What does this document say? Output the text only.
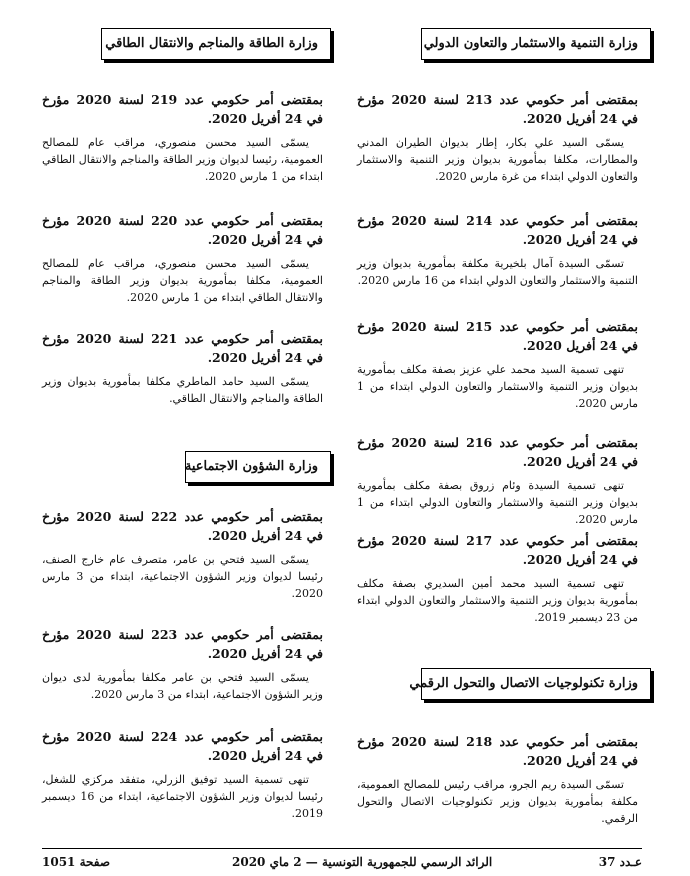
وزارة التنمية والاستثمار والتعاون الدولي
بمقتضى أمر حكومي عدد 213 لسنة 2020 مؤرخ في 24 أفريل 2020.
يسمّى السيد علي بكار، إطار بديوان الطيران المدني والمطارات، مكلفا بمأمورية بديوان وزير التنمية والاستثمار والتعاون الدولي ابتداء من غرة مارس 2020.
بمقتضى أمر حكومي عدد 214 لسنة 2020 مؤرخ في 24 أفريل 2020.
تسمّى السيدة آمال بلخيرية مكلفة بمأمورية بديوان وزير التنمية والاستثمار والتعاون الدولي ابتداء من 16 مارس 2020.
بمقتضى أمر حكومي عدد 215 لسنة 2020 مؤرخ في 24 أفريل 2020.
تنهى تسمية السيد محمد علي عزيز بصفة مكلف بمأمورية بديوان وزير التنمية والاستثمار والتعاون الدولي ابتداء من 1 مارس 2020.
بمقتضى أمر حكومي عدد 216 لسنة 2020 مؤرخ في 24 أفريل 2020.
تنهى تسمية السيدة وئام زروق بصفة مكلف بمأمورية بديوان وزير التنمية والاستثمار والتعاون الدولي ابتداء من 1 مارس 2020.
بمقتضى أمر حكومي عدد 217 لسنة 2020 مؤرخ في 24 أفريل 2020.
تنهى تسمية السيد محمد أمين السديري بصفة مكلف بمأمورية بديوان وزير التنمية والاستثمار والتعاون الدولي ابتداء من 23 ديسمبر 2019.
وزارة تكنولوجيات الاتصال والتحول الرقمي
بمقتضى أمر حكومي عدد 218 لسنة 2020 مؤرخ في 24 أفريل 2020.
تسمّى السيدة ريم الجرو، مراقب رئيس للمصالح العمومية، مكلفة بمأمورية بديوان وزير تكنولوجيات الاتصال والتحول الرقمي.
وزارة الطاقة والمناجم والانتقال الطاقي
بمقتضى أمر حكومي عدد 219 لسنة 2020 مؤرخ في 24 أفريل 2020.
يسمّى السيد محسن منصوري، مراقب عام للمصالح العمومية، رئيسا لديوان وزير الطاقة والمناجم والانتقال الطاقي ابتداء من 1 مارس 2020.
بمقتضى أمر حكومي عدد 220 لسنة 2020 مؤرخ في 24 أفريل 2020.
يسمّى السيد محسن منصوري، مراقب عام للمصالح العمومية، مكلفا بمأمورية بديوان وزير الطاقة والمناجم والانتقال الطاقي ابتداء من 1 مارس 2020.
بمقتضى أمر حكومي عدد 221 لسنة 2020 مؤرخ في 24 أفريل 2020.
يسمّى السيد حامد الماطري مكلفا بمأمورية بديوان وزير الطاقة والمناجم والانتقال الطاقي.
وزارة الشؤون الاجتماعية
بمقتضى أمر حكومي عدد 222 لسنة 2020 مؤرخ في 24 أفريل 2020.
يسمّى السيد فتحي بن عامر، متصرف عام خارج الصنف، رئيسا لديوان وزير الشؤون الاجتماعية، ابتداء من 3 مارس 2020.
بمقتضى أمر حكومي عدد 223 لسنة 2020 مؤرخ في 24 أفريل 2020.
يسمّى السيد فتحي بن عامر مكلفا بمأمورية لدى ديوان وزير الشؤون الاجتماعية، ابتداء من 3 مارس 2020.
بمقتضى أمر حكومي عدد 224 لسنة 2020 مؤرخ في 24 أفريل 2020.
تنهى تسمية السيد توفيق الزرلي، متفقد مركزي للشغل، رئيسا لديوان وزير الشؤون الاجتماعية، ابتداء من 16 ديسمبر 2019.
صفحة 1051	الرائد الرسمي للجمهورية التونسية — 2 ماي 2020	عـدد 37
